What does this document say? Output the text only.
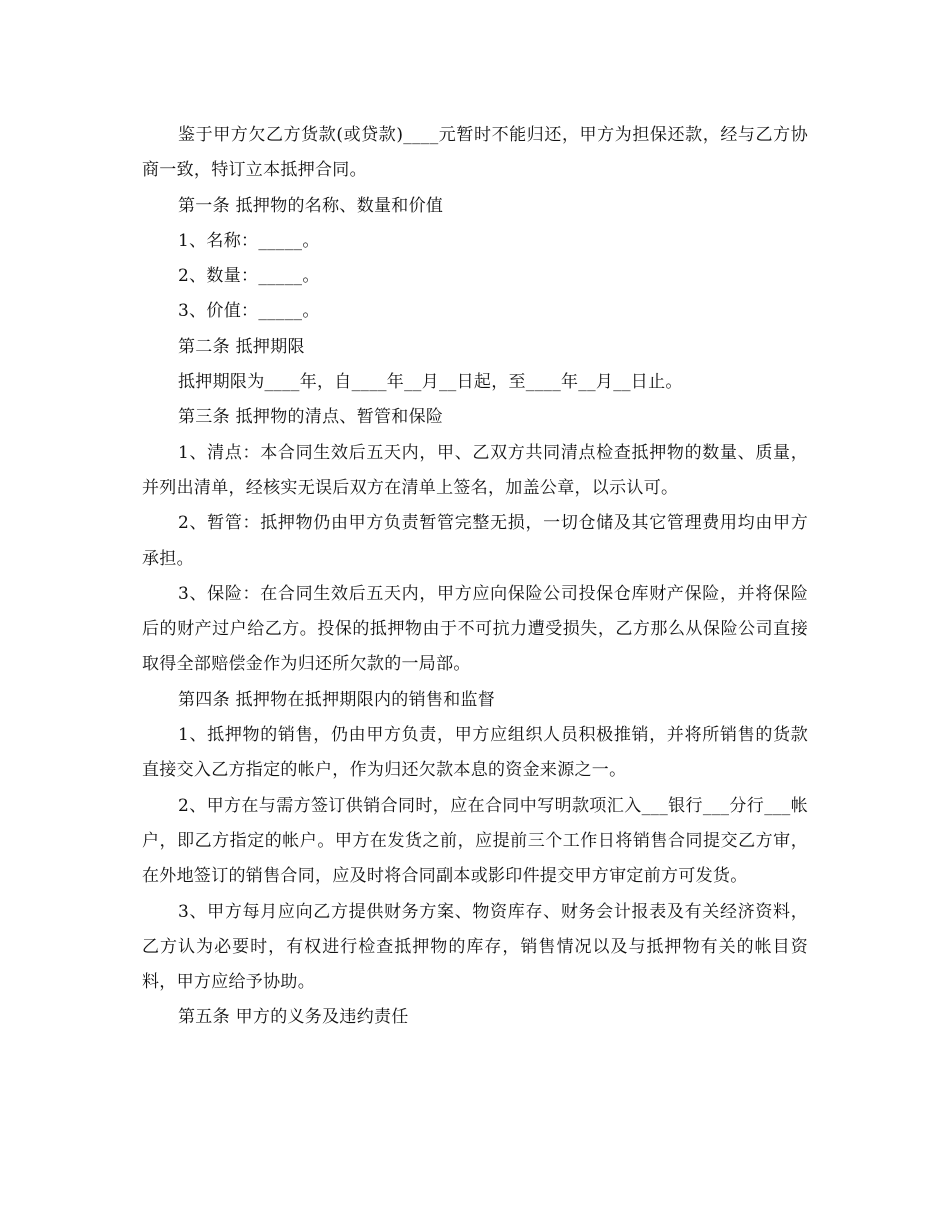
鉴于甲方欠乙方货款(或贷款)____元暂时不能归还，甲方为担保还款，经与乙方协商一致，特订立本抵押合同。

第一条 抵押物的名称、数量和价值

1、名称：_____。

2、数量：_____。

3、价值：_____。

第二条 抵押期限

抵押期限为____年，自____年__月__日起，至____年__月__日止。

第三条 抵押物的清点、暂管和保险

1、清点：本合同生效后五天内，甲、乙双方共同清点检查抵押物的数量、质量，并列出清单，经核实无误后双方在清单上签名，加盖公章，以示认可。

2、暂管：抵押物仍由甲方负责暂管完整无损，一切仓储及其它管理费用均由甲方承担。

3、保险：在合同生效后五天内，甲方应向保险公司投保仓库财产保险，并将保险后的财产过户给乙方。投保的抵押物由于不可抗力遭受损失，乙方那么从保险公司直接取得全部赔偿金作为归还所欠款的一局部。

第四条 抵押物在抵押期限内的销售和监督

1、抵押物的销售，仍由甲方负责，甲方应组织人员积极推销，并将所销售的货款直接交入乙方指定的帐户，作为归还欠款本息的资金来源之一。

2、甲方在与需方签订供销合同时，应在合同中写明款项汇入___银行___分行___帐户，即乙方指定的帐户。甲方在发货之前，应提前三个工作日将销售合同提交乙方审，在外地签订的销售合同，应及时将合同副本或影印件提交甲方审定前方可发货。

3、甲方每月应向乙方提供财务方案、物资库存、财务会计报表及有关经济资料，乙方认为必要时，有权进行检查抵押物的库存，销售情况以及与抵押物有关的帐目资料，甲方应给予协助。

第五条 甲方的义务及违约责任
